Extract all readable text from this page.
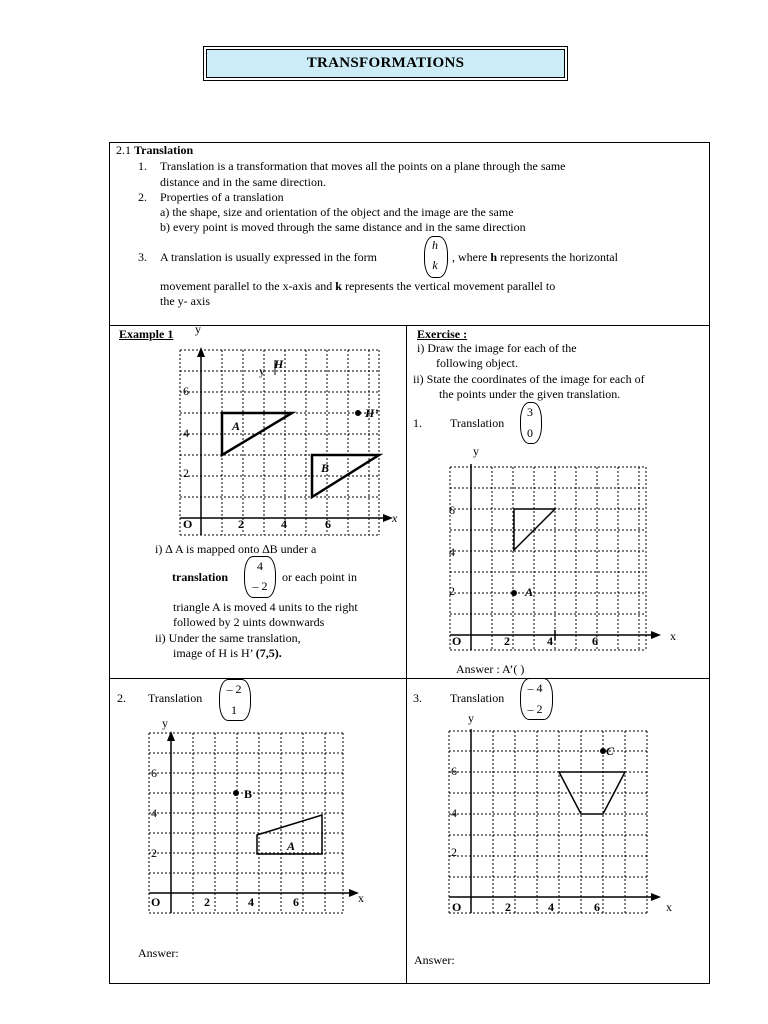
TRANSFORMATIONS
2.1 Translation
1. Translation is a transformation that moves all the points on a plane through the same
distance and in the same direction.
2. Properties of a translation
a) the shape, size and orientation of the object and the image are the same
b) every point is moved through the same distance and in the same direction
3. A translation is usually expressed in the form
h
k
, where h represents the horizontal
movement parallel to the x-axis and k represents the vertical movement parallel to
the y- axis
Example 1 y
y H
H’
A
B
6
4
2
O	2	4	6	x
i) ∆ A is mapped onto ∆B under a
translation
4
– 2
or each point in
triangle A is moved 4 units to the right
followed by 2 uints downwards
ii) Under the same translation,
image of H is H’ (7,5).
Exercise :
i) Draw the image for each of the
following object.
ii) State the coordinates of the image for each of
the points under the given translation.
1. Translation
3
0
y
A
6
4
2
O	2	4	6	x
Answer : A’( )
2. Translation
– 2
1
y
B
A
6
4
2
O	2	4	6	x
Answer:
3. Translation
– 4
– 2
y
C
6
4
2
O	2	4	6	x
Answer:
